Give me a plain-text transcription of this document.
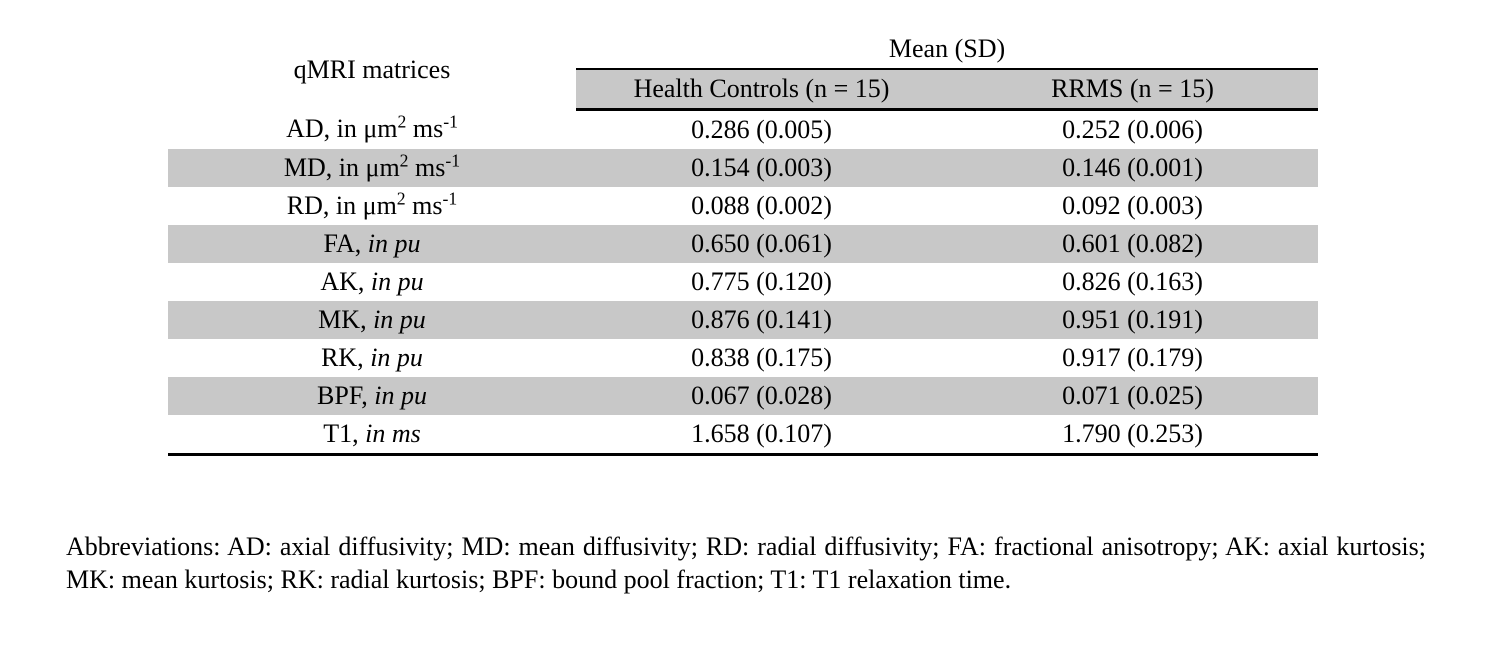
qMRI matrices	Mean (SD)	
	Health Controls (n = 15)	RRMS (n = 15)
AD, in $\mu m^2$ $ms^{-1}$	0.286 (0.005)	0.252 (0.006)
MD, in $\mu m^2$ $ms^{-1}$	0.154 (0.003)	0.146 (0.001)
RD, in $\mu m^2$ $ms^{-1}$	0.088 (0.002)	0.092 (0.003)
FA, in pu	0.650 (0.061)	0.601 (0.082)
AK, in pu	0.775 (0.120)	0.826 (0.163)
MK, in pu	0.876 (0.141)	0.951 (0.191)
RK, in pu	0.838 (0.175)	0.917 (0.179)
BPF, in pu	0.067 (0.028)	0.071 (0.025)
T1, in ms	1.658 (0.107)	1.790 (0.253)
Abbreviations: AD: axial diffusivity; MD: mean diffusivity; RD: radial diffusivity; FA: fractional anisotropy; AK: axial kurtosis; MK: mean kurtosis; RK: radial kurtosis; BPF: bound pool fraction; T1: T1 relaxation time.
